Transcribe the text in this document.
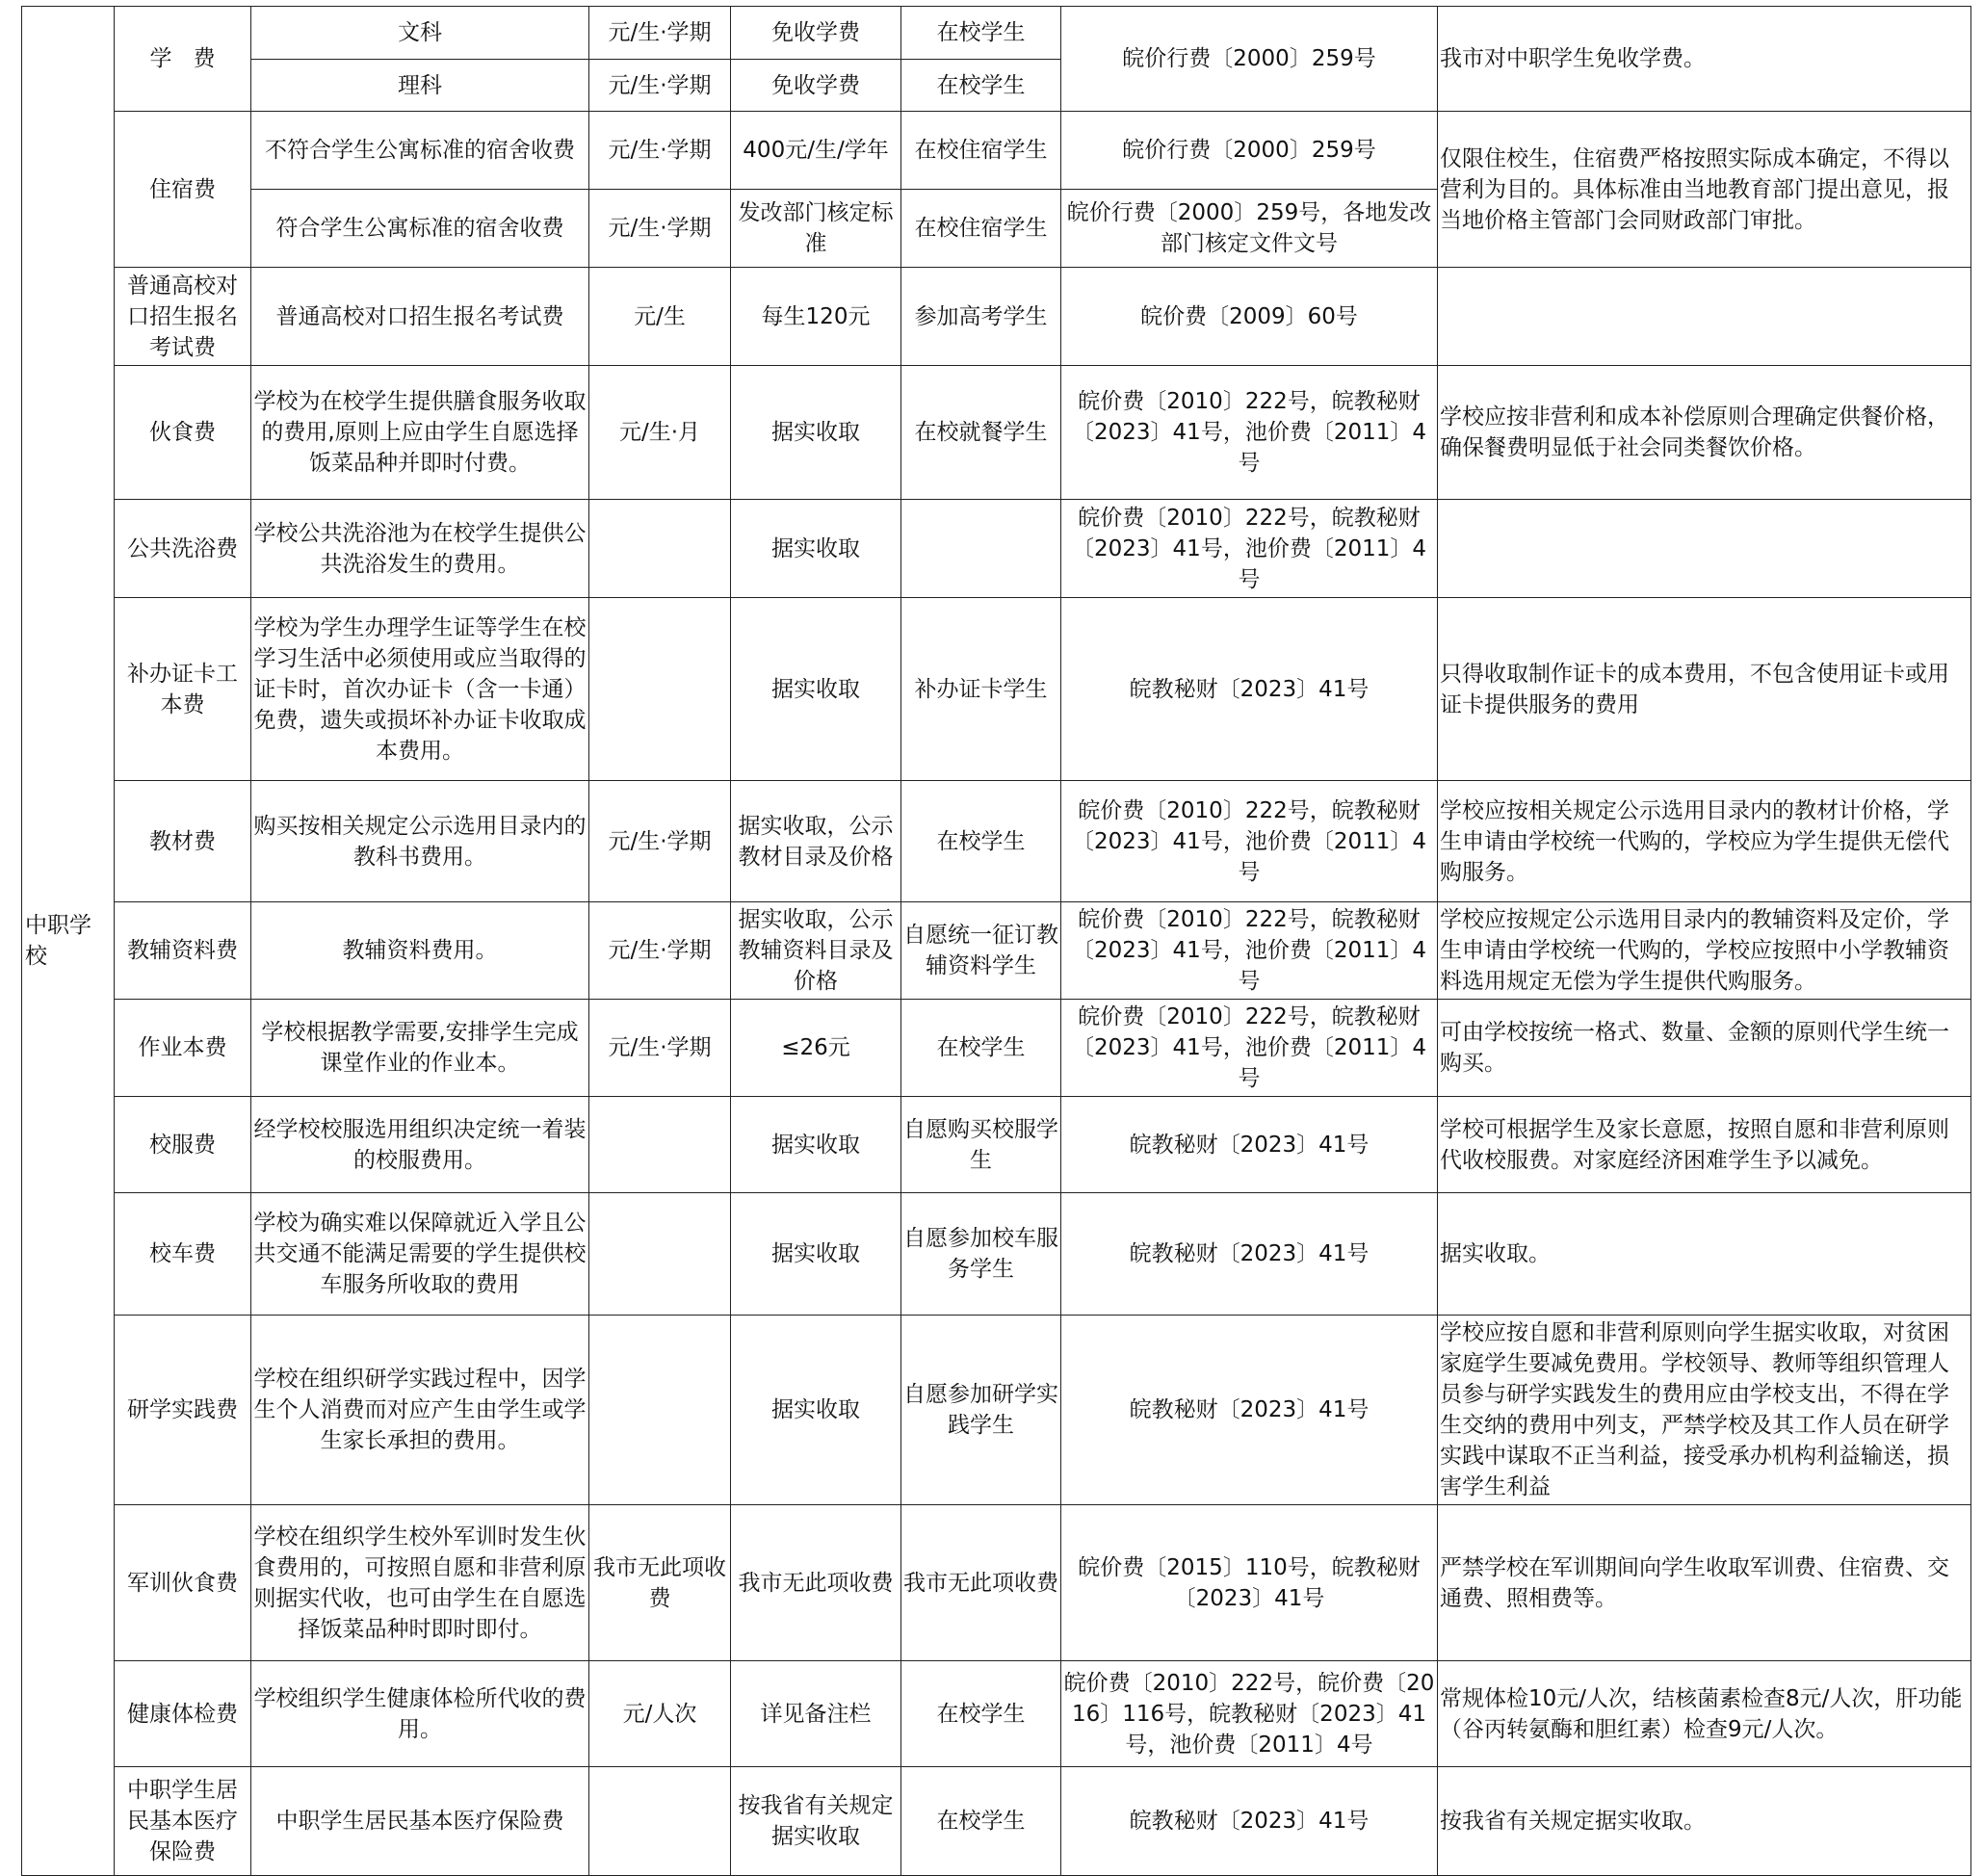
中职学校	学费	文科	元/生·学期	免收学费	在校学生	皖价行费〔2000〕259号	我市对中职学生免收学费。
		理科	元/生·学期	免收学费	在校学生		
	住宿费	不符合学生公寓标准的宿舍收费	元/生·学期	400元/生/学年	在校住宿学生	皖价行费〔2000〕259号	仅限住校生，住宿费严格按照实际成本确定，不得以营利为目的。具体标准由当地教育部门提出意见，报当地价格主管部门会同财政部门审批。
		符合学生公寓标准的宿舍收费	元/生·学期	发改部门核定标准	在校住宿学生	皖价行费〔2000〕259号，各地发改部门核定文件文号	
	普通高校对口招生报名考试费	普通高校对口招生报名考试费	元/生	每生120元	参加高考学生	皖价费〔2009〕60号	
	伙食费	学校为在校学生提供膳食服务收取的费用,原则上应由学生自愿选择饭菜品种并即时付费。	元/生·月	据实收取	在校就餐学生	皖价费〔2010〕222号，皖教秘财〔2023〕41号，池价费〔2011〕4号	学校应按非营利和成本补偿原则合理确定供餐价格，确保餐费明显低于社会同类餐饮价格。
	公共洗浴费	学校公共洗浴池为在校学生提供公共洗浴发生的费用。		据实收取		皖价费〔2010〕222号，皖教秘财〔2023〕41号，池价费〔2011〕4号	
	补办证卡工本费	学校为学生办理学生证等学生在校学习生活中必须使用或应当取得的证卡时，首次办证卡（含一卡通）免费，遗失或损坏补办证卡收取成本费用。		据实收取	补办证卡学生	皖教秘财〔2023〕41号	只得收取制作证卡的成本费用，不包含使用证卡或用证卡提供服务的费用
	教材费	购买按相关规定公示选用目录内的教科书费用。	元/生·学期	据实收取，公示教材目录及价格	在校学生	皖价费〔2010〕222号，皖教秘财〔2023〕41号，池价费〔2011〕4号	学校应按相关规定公示选用目录内的教材计价格，学生申请由学校统一代购的，学校应为学生提供无偿代购服务。
	教辅资料费	教辅资料费用。	元/生·学期	据实收取，公示教辅资料目录及价格	自愿统一征订教辅资料学生	皖价费〔2010〕222号，皖教秘财〔2023〕41号，池价费〔2011〕4号	学校应按规定公示选用目录内的教辅资料及定价，学生申请由学校统一代购的，学校应按照中小学教辅资料选用规定无偿为学生提供代购服务。
	作业本费	学校根据教学需要,安排学生完成课堂作业的作业本。	元/生·学期	≤26元	在校学生	皖价费〔2010〕222号，皖教秘财〔2023〕41号，池价费〔2011〕4号	可由学校按统一格式、数量、金额的原则代学生统一购买。
	校服费	经学校校服选用组织决定统一着装的校服费用。		据实收取	自愿购买校服学生	皖教秘财〔2023〕41号	学校可根据学生及家长意愿，按照自愿和非营利原则代收校服费。对家庭经济困难学生予以减免。
	校车费	学校为确实难以保障就近入学且公共交通不能满足需要的学生提供校车服务所收取的费用		据实收取	自愿参加校车服务学生	皖教秘财〔2023〕41号	据实收取。
	研学实践费	学校在组织研学实践过程中，因学生个人消费而对应产生由学生或学生家长承担的费用。		据实收取	自愿参加研学实践学生	皖教秘财〔2023〕41号	学校应按自愿和非营利原则向学生据实收取，对贫困家庭学生要减免费用。学校领导、教师等组织管理人员参与研学实践发生的费用应由学校支出，不得在学生交纳的费用中列支，严禁学校及其工作人员在研学实践中谋取不正当利益，接受承办机构利益输送，损害学生利益
	军训伙食费	学校在组织学生校外军训时发生伙食费用的，可按照自愿和非营利原则据实代收，也可由学生在自愿选择饭菜品种时即时即付。	我市无此项收费	我市无此项收费	我市无此项收费	皖价费〔2015〕110号，皖教秘财〔2023〕41号	严禁学校在军训期间向学生收取军训费、住宿费、交通费、照相费等。
	健康体检费	学校组织学生健康体检所代收的费用。	元/人次	详见备注栏	在校学生	皖价费〔2010〕222号，皖价费〔2016〕116号，皖教秘财〔2023〕41号，池价费〔2011〕4号	常规体检10元/人次，结核菌素检查8元/人次，肝功能（谷丙转氨酶和胆红素）检查9元/人次。
	中职学生居民基本医疗保险费	中职学生居民基本医疗保险费		按我省有关规定据实收取	在校学生	皖教秘财〔2023〕41号	按我省有关规定据实收取。
